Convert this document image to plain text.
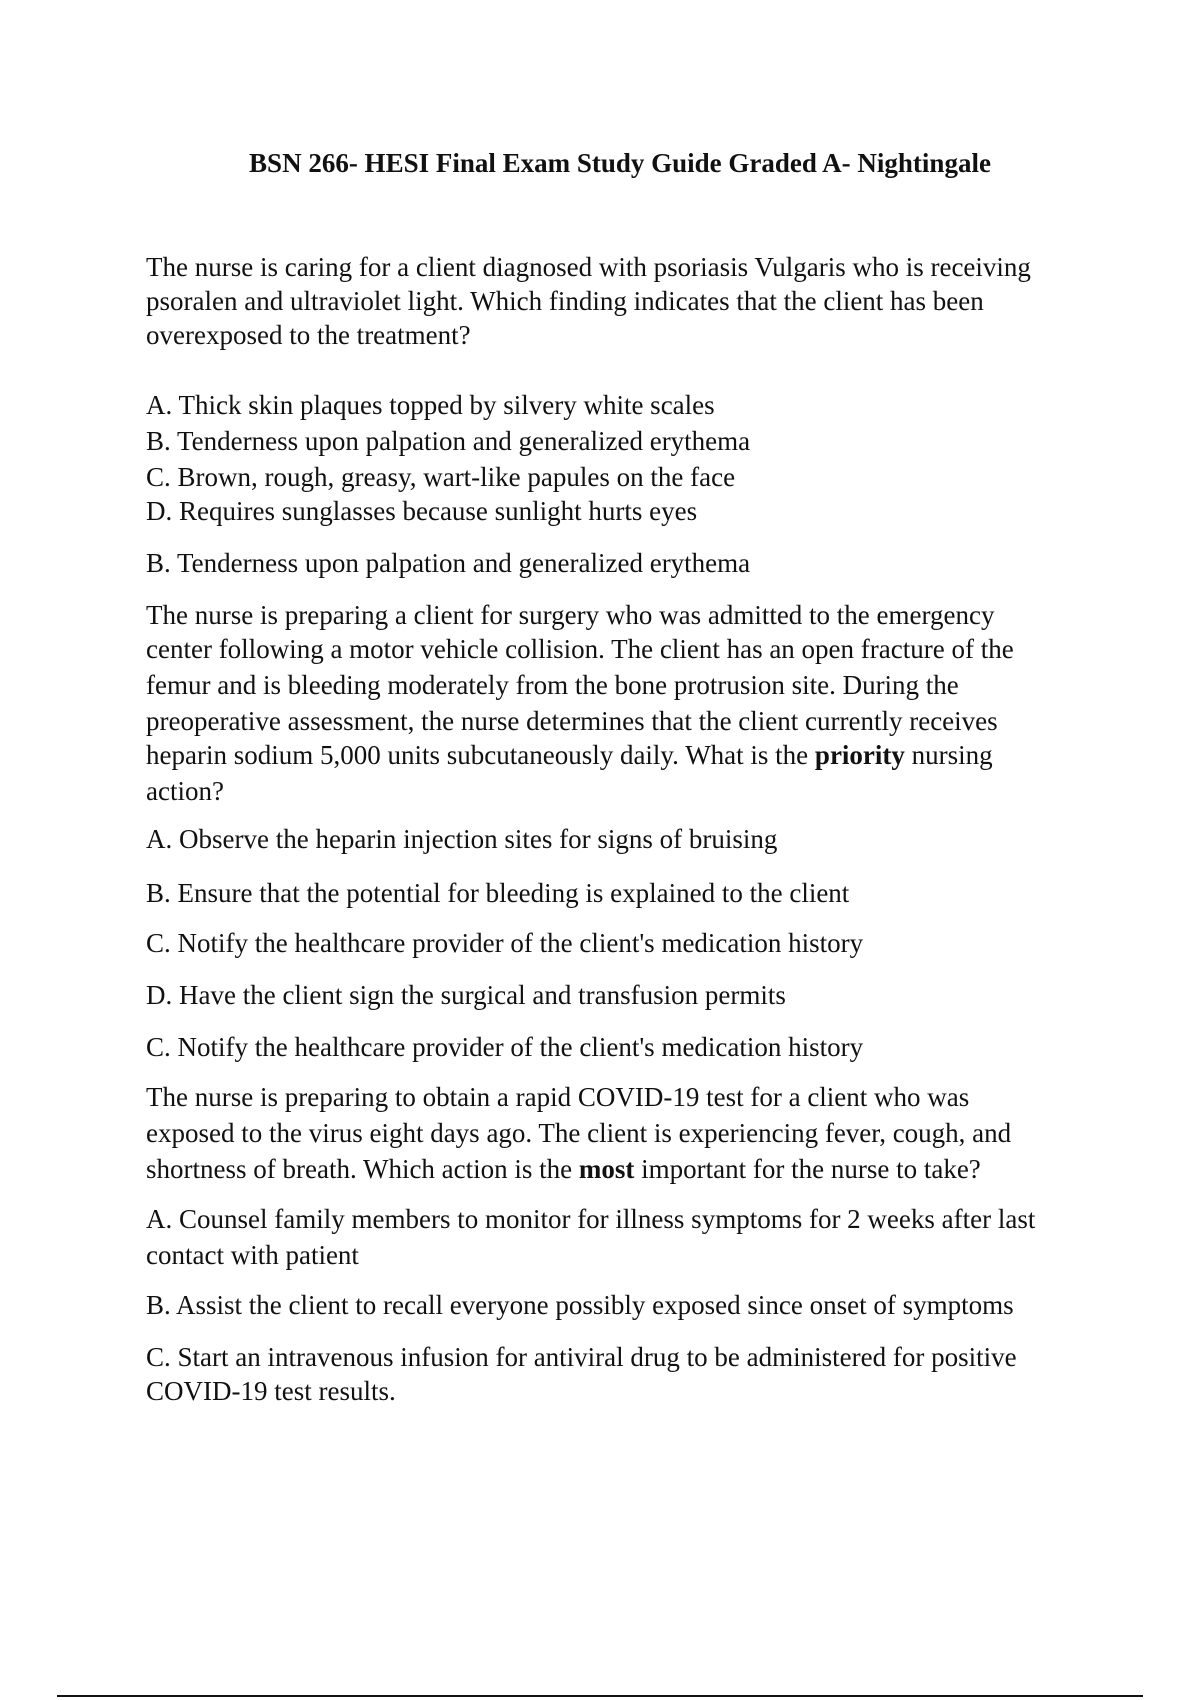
BSN 266- HESI Final Exam Study Guide Graded A- Nightingale
The nurse is caring for a client diagnosed with psoriasis Vulgaris who is receiving
psoralen and ultraviolet light. Which finding indicates that the client has been
overexposed to the treatment?
A. Thick skin plaques topped by silvery white scales
B. Tenderness upon palpation and generalized erythema
C. Brown, rough, greasy, wart-like papules on the face
D. Requires sunglasses because sunlight hurts eyes
B. Tenderness upon palpation and generalized erythema
The nurse is preparing a client for surgery who was admitted to the emergency
center following a motor vehicle collision. The client has an open fracture of the
femur and is bleeding moderately from the bone protrusion site. During the
preoperative assessment, the nurse determines that the client currently receives
heparin sodium 5,000 units subcutaneously daily. What is the priority nursing
action?
A. Observe the heparin injection sites for signs of bruising
B. Ensure that the potential for bleeding is explained to the client
C. Notify the healthcare provider of the client's medication history
D. Have the client sign the surgical and transfusion permits
C. Notify the healthcare provider of the client's medication history
The nurse is preparing to obtain a rapid COVID-19 test for a client who was
exposed to the virus eight days ago. The client is experiencing fever, cough, and
shortness of breath. Which action is the most important for the nurse to take?
A. Counsel family members to monitor for illness symptoms for 2 weeks after last
contact with patient
B. Assist the client to recall everyone possibly exposed since onset of symptoms
C. Start an intravenous infusion for antiviral drug to be administered for positive
COVID-19 test results.
